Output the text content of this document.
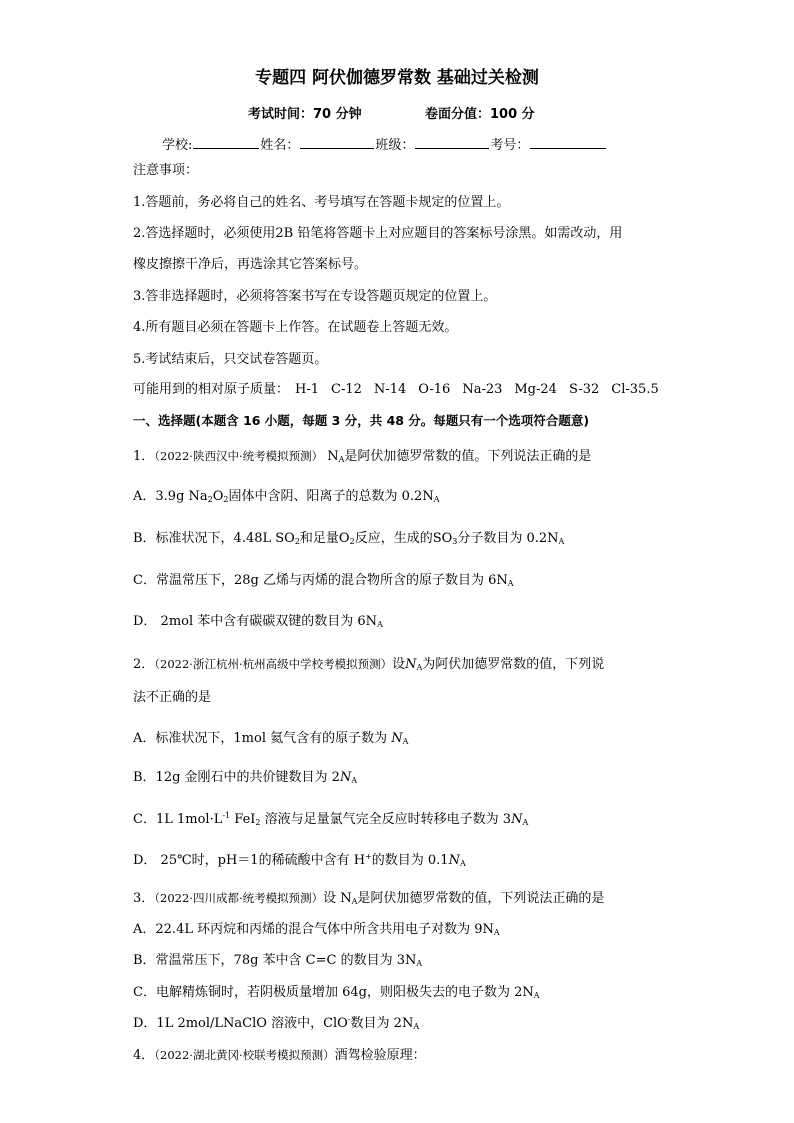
专题四 阿伏伽德罗常数 基础过关检测
考试时间：70 分钟	卷面分值：100 分
学校:	姓名：	班级：	考号：
注意事项：
1.答题前，务必将自己的姓名、考号填写在答题卡规定的位置上。
2.答选择题时，必须使用2B 铅笔将答题卡上对应题目的答案标号涂黑。如需改动，用
橡皮擦擦干净后，再选涂其它答案标号。
3.答非选择题时，必须将答案书写在专设答题页规定的位置上。
4.所有题目必须在答题卡上作答。在试题卷上答题无效。
5.考试结束后，只交试卷答题页。
可能用到的相对原子质量： H-1 C-12 N-14 O-16 Na-23 Mg-24 S-32 Cl-35.5
一、选择题(本题含 16 小题，每题 3 分，共 48 分。每题只有一个选项符合题意)
1．（2022·陕西汉中·统考模拟预测） $N_A$是阿伏加德罗常数的值。下列说法正确的是
A．3.9g $Na_2O_2$固体中含阴、阳离子的总数为 $0.2N_A$
B．标准状况下，4.48L $SO_2$和足量$O_2$反应，生成的$SO_3$分子数目为 $0.2N_A$
C．常温常压下，28g 乙烯与丙烯的混合物所含的原子数目为 $6N_A$
D． 2mol 苯中含有碳碳双键的数目为 $6N_A$
2．（2022·浙江杭州·杭州高级中学校考模拟预测）设$N_A$为阿伏加德罗常数的值，下列说
法不正确的是
A．标准状况下，1mol 氦气含有的原子数为 $N_A$
B．12g 金刚石中的共价键数目为 $2N_A$
C．1L $1mol\cdot L^{-1}$ FeI$_2$ 溶液与足量氯气完全反应时转移电子数为 $3N_A$
D． 25℃时，pH＝1的稀硫酸中含有 H+的数目为 $0.1N_A$
3．（2022·四川成都·统考模拟预测）设 $N_A$是阿伏加德罗常数的值，下列说法正确的是
A．22.4L 环丙烷和丙烯的混合气体中所含共用电子对数为 $9N_A$
B．常温常压下，78g 苯中含 C=C 的数目为 $3N_A$
C．电解精炼铜时，若阴极质量增加 64g，则阳极失去的电子数为 $2N_A$
D．1L 2mol/LNaClO 溶液中，ClO-数目为 $2N_A$
4．（2022·湖北黄冈·校联考模拟预测）酒驾检验原理：
